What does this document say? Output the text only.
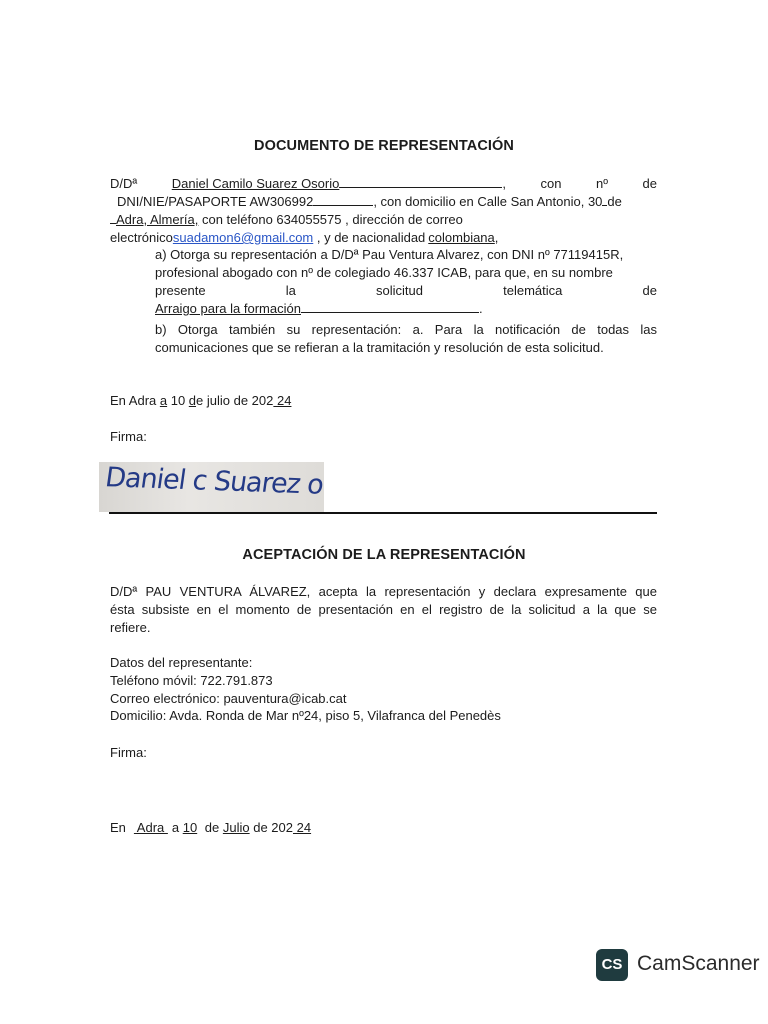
DOCUMENTO DE REPRESENTACIÓN
D/Dª	Daniel Camilo Suarez Osorio	,	con	nº	de
DNI/NIE/PASAPORTE AW306992	, con domicilio en Calle San Antonio, 30 de
Adra, Almería, con teléfono 634055575 , dirección de correo
electrónicosuadamon6@gmail.com , y de nacionalidad colombiana,
a) Otorga su representación a D/Dª Pau Ventura Alvarez, con DNI nº 77119415R,
profesional abogado con nº de colegiado 46.337 ICAB, para que, en su nombre
presente	la	solicitud	telemática	de
Arraigo para la formación	.
b) Otorga también su representación: a. Para la notificación de todas las
comunicaciones que se refieran a la tramitación y resolución de esta solicitud.
En Adra a 10 de julio de 202 24
Firma:
Daniel c Suarez o
ACEPTACIÓN DE LA REPRESENTACIÓN
D/Dª PAU VENTURA ÁLVAREZ, acepta la representación y declara expresamente que
ésta subsiste en el momento de presentación en el registro de la solicitud a la que se
refiere.
Datos del representante:
Teléfono móvil: 722.791.873
Correo electrónico: pauventura@icab.cat
Domicilio: Avda. Ronda de Mar nº24, piso 5, Vilafranca del Penedès
Firma:
En Adra a 10 de Julio de 202 24
CS CamScanner
